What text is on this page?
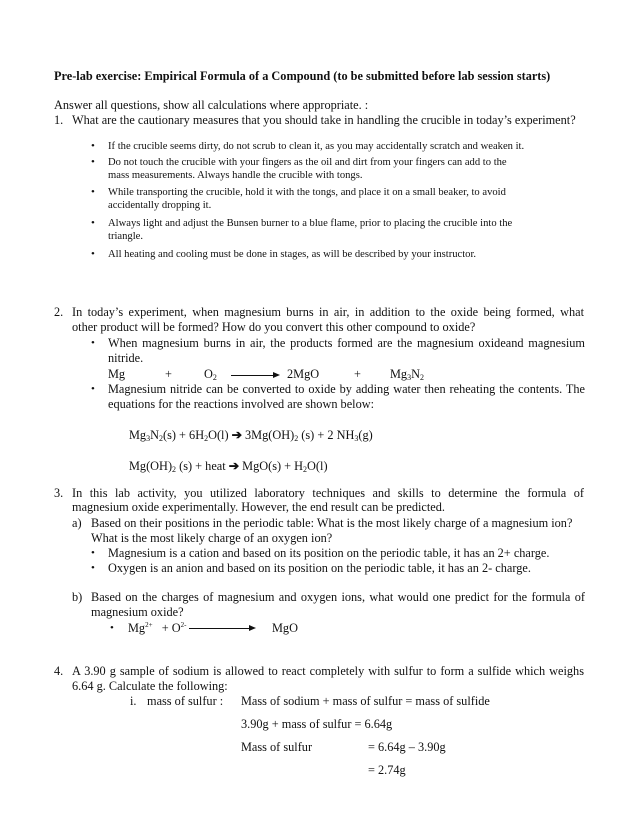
Pre-lab exercise: Empirical Formula of a Compound (to be submitted before lab session starts)
Answer all questions, show all calculations where appropriate. :
1. What are the cautionary measures that you should take in handling the crucible in today’s experiment?
• If the crucible seems dirty, do not scrub to clean it, as you may accidentally scratch and weaken it.
• Do not touch the crucible with your fingers as the oil and dirt from your fingers can add to the
mass measurements. Always handle the crucible with tongs.
• While transporting the crucible, hold it with the tongs, and place it on a small beaker, to avoid
accidentally dropping it.
• Always light and adjust the Bunsen burner to a blue flame, prior to placing the crucible into the
triangle.
• All heating and cooling must be done in stages, as will be described by your instructor.
2. In today’s experiment, when magnesium burns in air, in addition to the oxide being formed, what
other product will be formed? How do you convert this other compound to oxide?
• When magnesium burns in air, the products formed are the magnesium oxideand magnesium
nitride.
Mg	+	$O_2$	2MgO	+ $Mg_3N_2$
• Magnesium nitride can be converted to oxide by adding water then reheating the contents. The
equations for the reactions involved are shown below:
$Mg_3N_2(s) + 6H_2O(l)$ ➔ $3Mg(OH)_2$ (s) + 2 $NH_3(g)$
$Mg(OH)_2$ (s) + heat ➔ $MgO(s) + H_2O(l)$
3. In this lab activity, you utilized laboratory techniques and skills to determine the formula of
magnesium oxide experimentally. However, the end result can be predicted.
a) Based on their positions in the periodic table: What is the most likely charge of a magnesium ion?
What is the most likely charge of an oxygen ion?
• Magnesium is a cation and based on its position on the periodic table, it has an 2+ charge.
• Oxygen is an anion and based on its position on the periodic table, it has an 2- charge.
b) Based on the charges of magnesium and oxygen ions, what would one predict for the formula of
magnesium oxide?
• $Mg^{2+} + O^{2-}$	MgO
4. A 3.90 g sample of sodium is allowed to react completely with sulfur to form a sulfide which weighs
6.64 g. Calculate the following:
i. mass of sulfur : Mass of sodium + mass of sulfur = mass of sulfide
3.90g + mass of sulfur = 6.64g
Mass of sulfur	= 6.64g – 3.90g
= 2.74g
